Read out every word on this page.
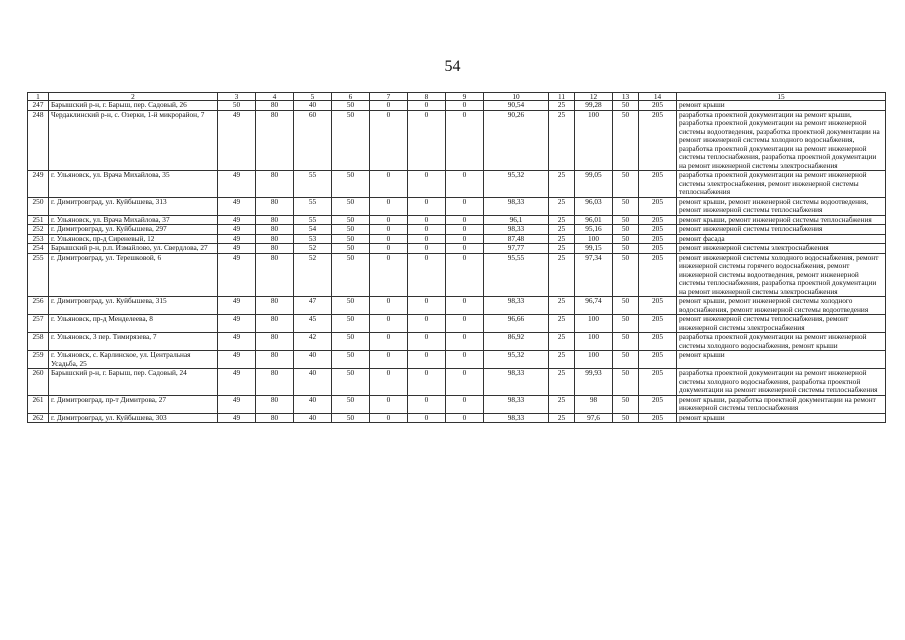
54
1	2	3	4	5	6	7	8	9	10	11	12	13	14	15
247	Барышский р-н, г. Барыш, пер. Садовый, 26	50	80	40	50	0	0	0	90,54	25	99,28	50	205	ремонт крыши
248	Чердаклинский р-н, с. Озерки, 1-й микрорайон, 7	49	80	60	50	0	0	0	90,26	25	100	50	205	разработка проектной документации на ремонт крыши, разработка проектной документации на ремонт инженерной системы водоотведения, разработка проектной документации на ремонт инженерной системы холодного водоснабжения, разработка проектной документации на ремонт инженерной системы теплоснабжения, разработка проектной документации на ремонт инженерной системы электроснабжения
249	г. Ульяновск, ул. Врача Михайлова, 35	49	80	55	50	0	0	0	95,32	25	99,05	50	205	разработка проектной документации на ремонт инженерной системы электроснабжения, ремонт инженерной системы теплоснабжения
250	г. Димитровград, ул. Куйбышева, 313	49	80	55	50	0	0	0	98,33	25	96,03	50	205	ремонт крыши, ремонт инженерной системы водоотведения, ремонт инженерной системы теплоснабжения
251	г. Ульяновск, ул. Врача Михайлова, 37	49	80	55	50	0	0	0	96,1	25	96,01	50	205	ремонт крыши, ремонт инженерной системы теплоснабжения
252	г. Димитровград, ул. Куйбышева, 297	49	80	54	50	0	0	0	98,33	25	95,16	50	205	ремонт инженерной системы теплоснабжения
253	г. Ульяновск, пр-д Сиреневый, 12	49	80	53	50	0	0	0	87,48	25	100	50	205	ремонт фасада
254	Барышский р-н, р.п. Измайлово, ул. Свердлова, 27	49	80	52	50	0	0	0	97,77	25	99,15	50	205	ремонт инженерной системы электроснабжения
255	г. Димитровград, ул. Терешковой, 6	49	80	52	50	0	0	0	95,55	25	97,34	50	205	ремонт инженерной системы холодного водоснабжения, ремонт инженерной системы горячего водоснабжения, ремонт инженерной системы водоотведения, ремонт инженерной системы теплоснабжения, разработка проектной документации на ремонт инженерной системы электроснабжения
256	г. Димитровград, ул. Куйбышева, 315	49	80	47	50	0	0	0	98,33	25	96,74	50	205	ремонт крыши, ремонт инженерной системы холодного водоснабжения, ремонт инженерной системы водоотведения
257	г. Ульяновск, пр-д Менделеева, 8	49	80	45	50	0	0	0	96,66	25	100	50	205	ремонт инженерной системы теплоснабжения, ремонт инженерной системы электроснабжения
258	г. Ульяновск, 3 пер. Тимирязева, 7	49	80	42	50	0	0	0	86,92	25	100	50	205	разработка проектной документации на ремонт инженерной системы холодного водоснабжения, ремонт крыши
259	г. Ульяновск, с. Карлинское, ул. Центральная Усадьба, 25	49	80	40	50	0	0	0	95,32	25	100	50	205	ремонт крыши
260	Барышский р-н, г. Барыш, пер. Садовый, 24	49	80	40	50	0	0	0	98,33	25	99,93	50	205	разработка проектной документации на ремонт инженерной системы холодного водоснабжения, разработка проектной документации на ремонт инженерной системы теплоснабжения
261	г. Димитровград, пр-т Димитрова, 27	49	80	40	50	0	0	0	98,33	25	98	50	205	ремонт крыши, разработка проектной документации на ремонт инженерной системы теплоснабжения
262	г. Димитровград, ул. Куйбышева, 303	49	80	40	50	0	0	0	98,33	25	97,6	50	205	ремонт крыши
